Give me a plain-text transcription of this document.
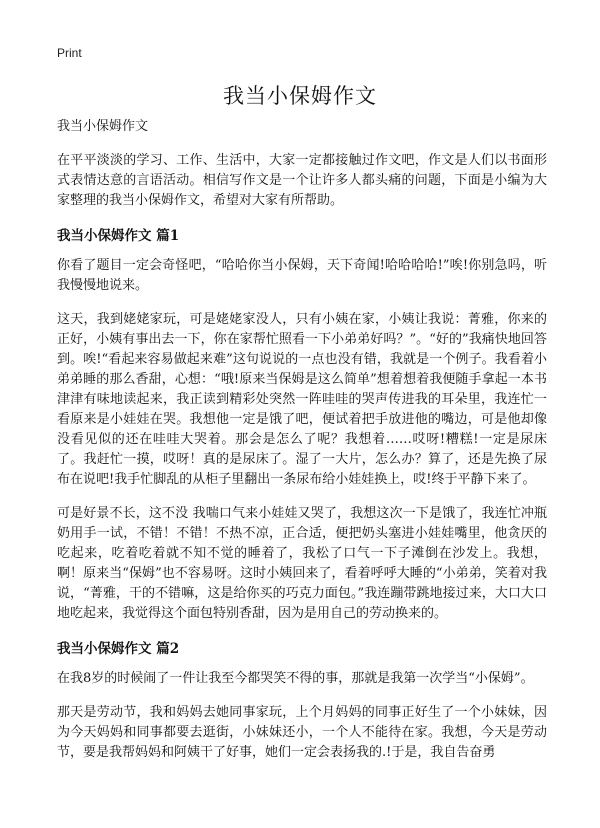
Print
我当小保姆作文
我当小保姆作文

在平平淡淡的学习、工作、生活中，大家一定都接触过作文吧，作文是人们以书面形式表情达意的言语活动。相信写作文是一个让许多人都头痛的问题，下面是小编为大家整理的我当小保姆作文，希望对大家有所帮助。

我当小保姆作文 篇1

你看了题目一定会奇怪吧，“哈哈你当小保姆，天下奇闻!哈哈哈哈!”唉!你别急吗，听我慢慢地说来。

这天，我到姥姥家玩，可是姥姥家没人，只有小姨在家，小姨让我说：菁雅，你来的正好，小姨有事出去一下，你在家帮忙照看一下小弟弟好吗？”。“好的”我痛快地回答到。唉!“看起来容易做起来难”这句说说的一点也没有错，我就是一个例子。我看着小弟弟睡的那么香甜，心想：“哦!原来当保姆是这么简单”想着想着我便随手拿起一本书津津有味地读起来，我正读到精彩处突然一阵哇哇的哭声传进我的耳朵里，我连忙一看原来是小娃娃在哭。我想他一定是饿了吧，便试着把手放进他的嘴边，可是他却像没看见似的还在哇哇大哭着。那会是怎么了呢？我想着……哎呀!糟糕!一定是尿床了。我赶忙一摸，哎呀！真的是尿床了。湿了一大片，怎么办？算了，还是先换了尿布在说吧!我手忙脚乱的从柜子里翻出一条尿布给小娃娃换上，哎!终于平静下来了。

可是好景不长，这不没 我喘口气来小娃娃又哭了，我想这次一下是饿了，我连忙冲瓶奶用手一试，不错！不错！不热不凉，正合适，便把奶头塞进小娃娃嘴里，他贪厌的吃起来，吃着吃着就不知不觉的睡着了，我松了口气一下子滩倒在沙发上。我想，啊！原来当“保姆”也不容易呀。这时小姨回来了，看着呼呼大睡的“小弟弟，笑着对我说，“菁雅，干的不错嘛，这是给你买的巧克力面包。”我连蹦带跳地接过来，大口大口地吃起来，我觉得这个面包特别香甜，因为是用自己的劳动换来的。

我当小保姆作文 篇2

在我8岁的时候闹了一件让我至今都哭笑不得的事，那就是我第一次学当“小保姆”。

那天是劳动节，我和妈妈去她同事家玩，上个月妈妈的同事正好生了一个小妹妹，因为今天妈妈和同事都要去逛街，小妹妹还小，一个人不能待在家。我想，今天是劳动节，要是我帮妈妈和阿姨干了好事，她们一定会表扬我的.!于是，我自告奋勇
